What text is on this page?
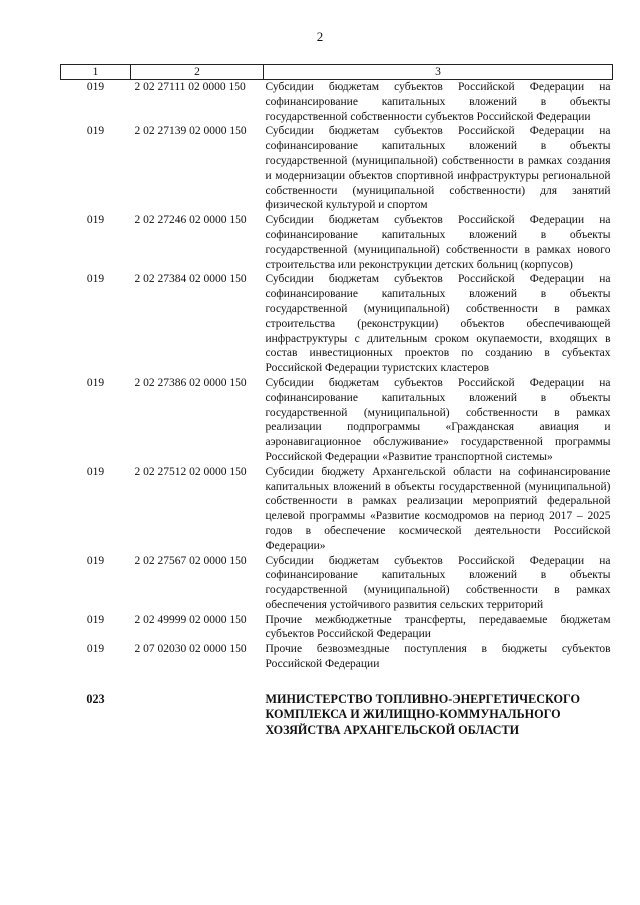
2
1	2	3
019	2 02 27111 02 0000 150	Субсидии бюджетам субъектов Российской Федерации на софинансирование капитальных вложений в объекты государственной собственности субъектов Российской Федерации
019	2 02 27139 02 0000 150	Субсидии бюджетам субъектов Российской Федерации на софинансирование капитальных вложений в объекты государственной (муниципальной) собственности в рамках создания и модернизации объектов спортивной инфраструктуры региональной собственности (муниципальной собственности) для занятий физической культурой и спортом
019	2 02 27246 02 0000 150	Субсидии бюджетам субъектов Российской Федерации на софинансирование капитальных вложений в объекты государственной (муниципальной) собственности в рамках нового строительства или реконструкции детских больниц (корпусов)
019	2 02 27384 02 0000 150	Субсидии бюджетам субъектов Российской Федерации на софинансирование капитальных вложений в объекты государственной (муниципальной) собственности в рамках строительства (реконструкции) объектов обеспечивающей инфраструктуры с длительным сроком окупаемости, входящих в состав инвестиционных проектов по созданию в субъектах Российской Федерации туристских кластеров
019	2 02 27386 02 0000 150	Субсидии бюджетам субъектов Российской Федерации на софинансирование капитальных вложений в объекты государственной (муниципальной) собственности в рамках реализации подпрограммы «Гражданская авиация и аэронавигационное обслуживание» государственной программы Российской Федерации «Развитие транспортной системы»
019	2 02 27512 02 0000 150	Субсидии бюджету Архангельской области на софинансирование капитальных вложений в объекты государственной (муниципальной) собственности в рамках реализации мероприятий федеральной целевой программы «Развитие космодромов на период 2017 – 2025 годов в обеспечение космической деятельности Российской Федерации»
019	2 02 27567 02 0000 150	Субсидии бюджетам субъектов Российской Федерации на софинансирование капитальных вложений в объекты государственной (муниципальной) собственности в рамках обеспечения устойчивого развития сельских территорий
019	2 02 49999 02 0000 150	Прочие межбюджетные трансферты, передаваемые бюджетам субъектов Российской Федерации
019	2 07 02030 02 0000 150	Прочие безвозмездные поступления в бюджеты субъектов Российской Федерации
023		МИНИСТЕРСТВО ТОПЛИВНО-ЭНЕРГЕТИЧЕСКОГО КОМПЛЕКСА И ЖИЛИЩНО-КОММУНАЛЬНОГО ХОЗЯЙСТВА АРХАНГЕЛЬСКОЙ ОБЛАСТИ
